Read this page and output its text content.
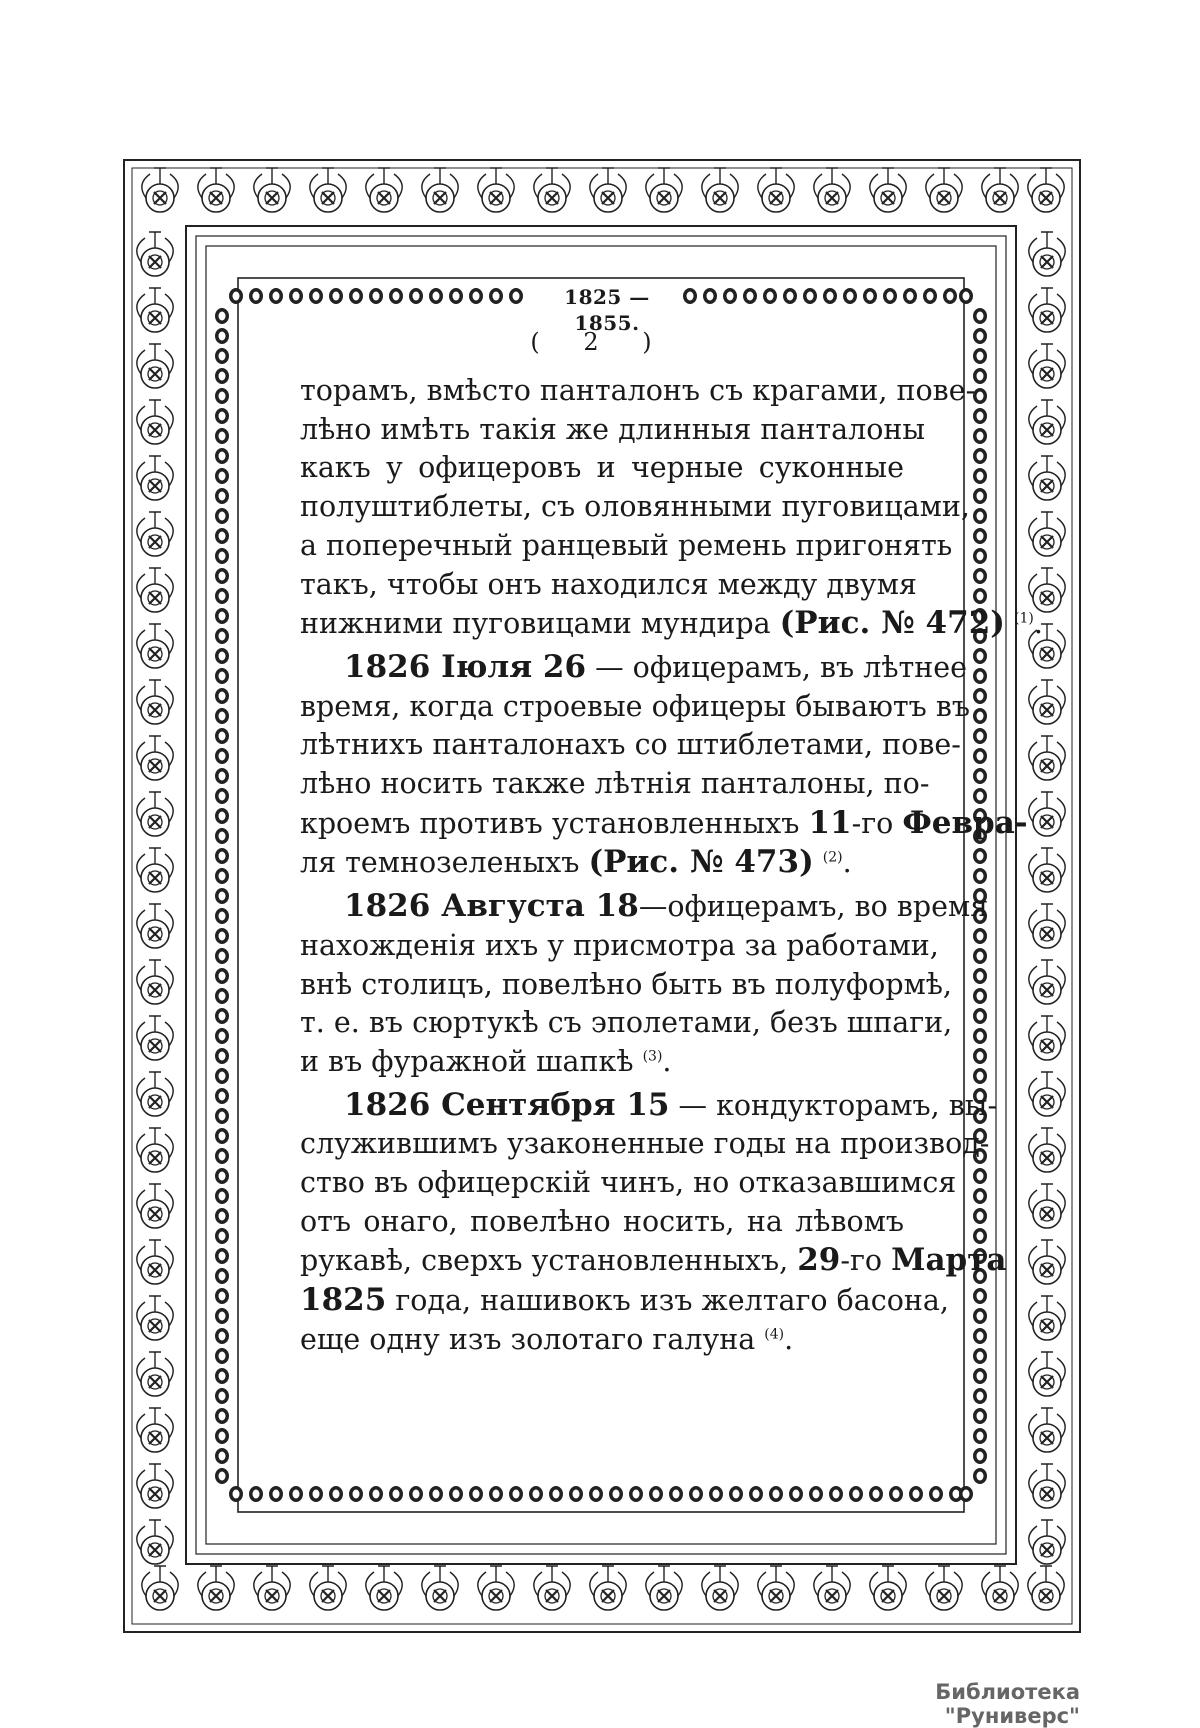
1825 — 1855.
( 2 )
торамъ, вмѣсто панталонъ съ крагами, пове-
лѣно имѣть такія же длинныя панталоны
какъ у офицеровъ и черные суконные
полуштиблеты, съ оловянными пуговицами,
а поперечный ранцевый ремень пригонять
такъ, чтобы онъ находился между двумя
нижними пуговицами мундира (Рис. № 472) $^{(1)}$.
1826 Іюля 26 — офицерамъ, въ лѣтнее
время, когда строевые офицеры бываютъ въ
лѣтнихъ панталонахъ со штиблетами, пове-
лѣно носить также лѣтнія панталоны, по-
кроемъ противъ установленныхъ 11-го Февра-
ля темнозеленыхъ (Рис. № 473) $^{(2)}$.
1826 Августа 18—офицерамъ, во время
нахожденія ихъ у присмотра за работами,
внѣ столицъ, повелѣно быть въ полуформѣ,
т. е. въ сюртукѣ съ эполетами, безъ шпаги,
и въ фуражной шапкѣ $^{(3)}$.
1826 Сентября 15 — кондукторамъ, вы-
служившимъ узаконенные годы на производ-
ство въ офицерскій чинъ, но отказавшимся
отъ онаго, повелѣно носить, на лѣвомъ
рукавѣ, сверхъ установленныхъ, 29-го Марта
1825 года, нашивокъ изъ желтаго басона,
еще одну изъ золотаго галуна $^{(4)}$.
Библиотека "Руниверс"
